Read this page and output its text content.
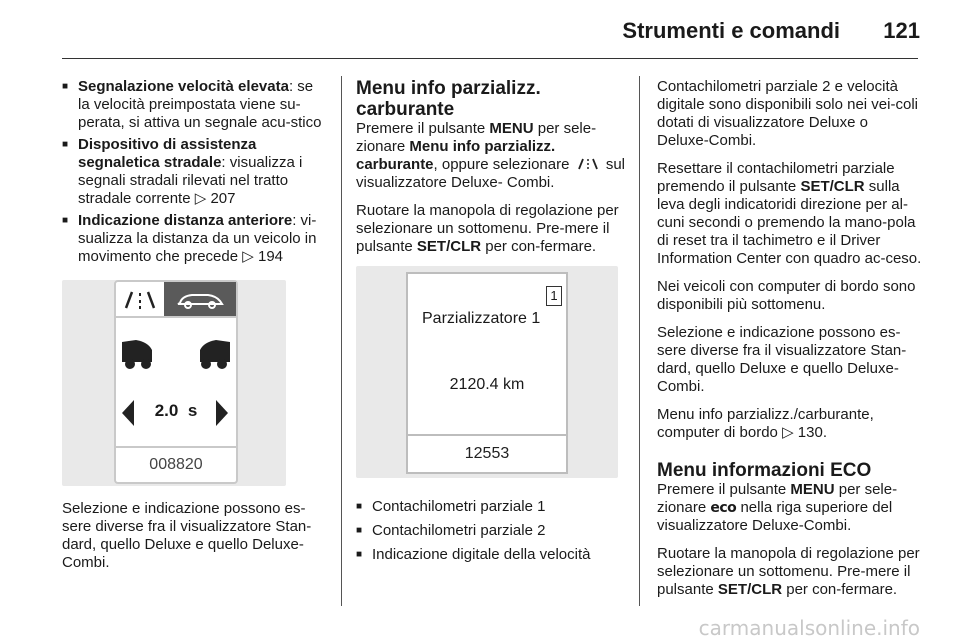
Strumenti e comandi 121
■ Segnalazione velocità elevata: se la velocità preimpostata viene su-perata, si attiva un segnale acu-stico
■ Dispositivo di assistenza segnaletica stradale: visualizza i segnali stradali rilevati nel tratto stradale corrente ▷ 207
■ Indicazione distanza anteriore: vi-sualizza la distanza da un veicolo in movimento che precede ▷ 194
2.0 s
008820

Selezione e indicazione possono es-sere diverse fra il visualizzatore Stan-dard, quello Deluxe e quello Deluxe-Combi.

Menu info parzializz. carburante

Premere il pulsante MENU per sele-zionare Menu info parzializz. carburante, oppure selezionare sul visualizzatore Deluxe- Combi.

Ruotare la manopola di regolazione per selezionare un sottomenu. Pre-mere il pulsante SET/CLR per con-fermare.

Parzializzatore 1
1
2120.4 km
12553
■ Contachilometri parziale 1
■ Contachilometri parziale 2
■ Indicazione digitale della velocità

Contachilometri parziale 2 e velocità digitale sono disponibili solo nei vei-coli dotati di visualizzatore Deluxe o Deluxe-Combi.

Resettare il contachilometri parziale premendo il pulsante SET/CLR sulla leva degli indicatoridi direzione per al-cuni secondi o premendo la mano-pola di reset tra il tachimetro e il Driver Information Center con quadro ac-ceso.

Nei veicoli con computer di bordo sono disponibili più sottomenu.

Selezione e indicazione possono es-sere diverse fra il visualizzatore Stan-dard, quello Deluxe e quello Deluxe-Combi.

Menu info parzializz./carburante, computer di bordo ▷ 130.

Menu informazioni ECO

Premere il pulsante MENU per sele-zionare eco nella riga superiore del visualizzatore Deluxe-Combi.

Ruotare la manopola di regolazione per selezionare un sottomenu. Pre-mere il pulsante SET/CLR per con-fermare.

carmanualsonline.info
